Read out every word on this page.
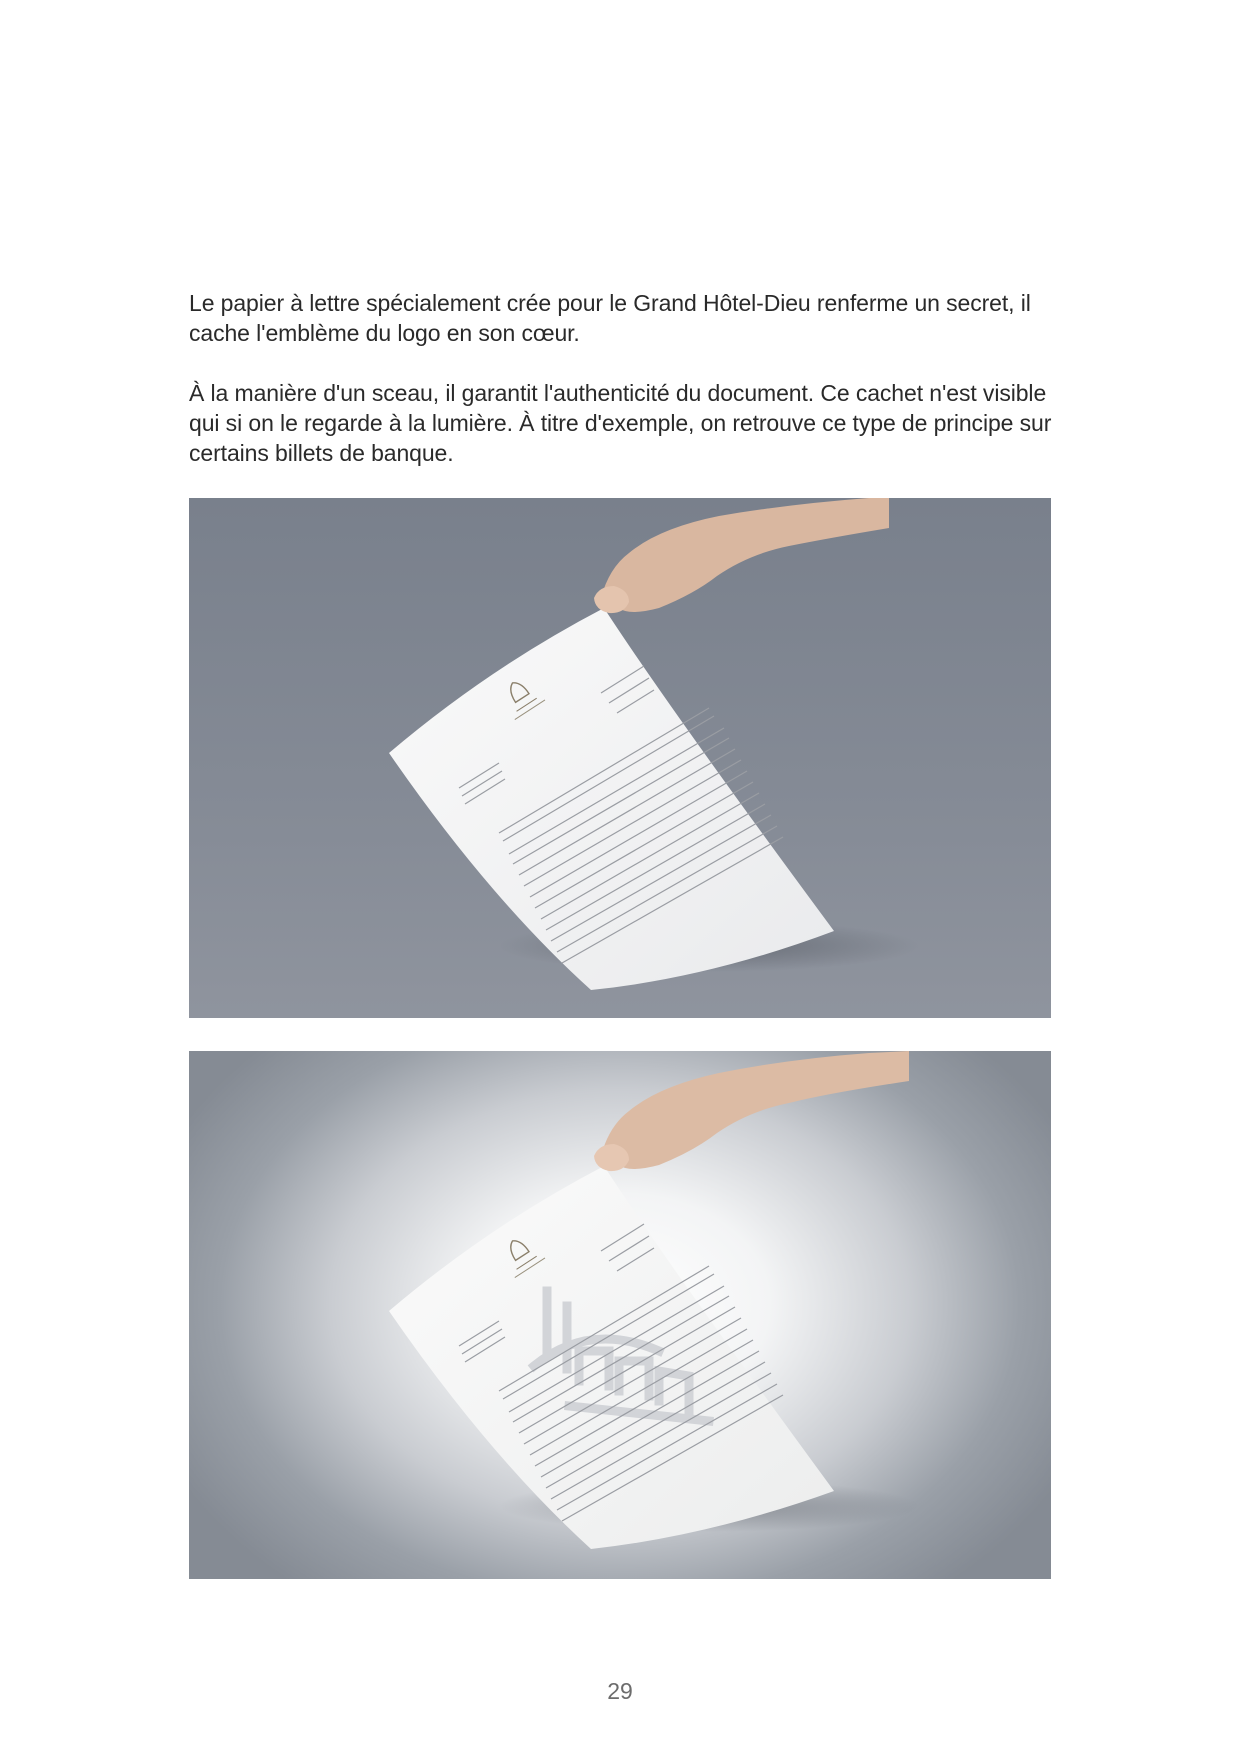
Le papier à lettre spécialement crée pour le Grand Hôtel-Dieu renferme un secret, il cache l'emblème du logo en son cœur.

À la manière d'un sceau, il garantit l'authenticité du document. Ce cachet n'est visible qui si on le regarde à la lumière. À titre d'exemple, on retrouve ce type de principe sur certains billets de banque.

29
